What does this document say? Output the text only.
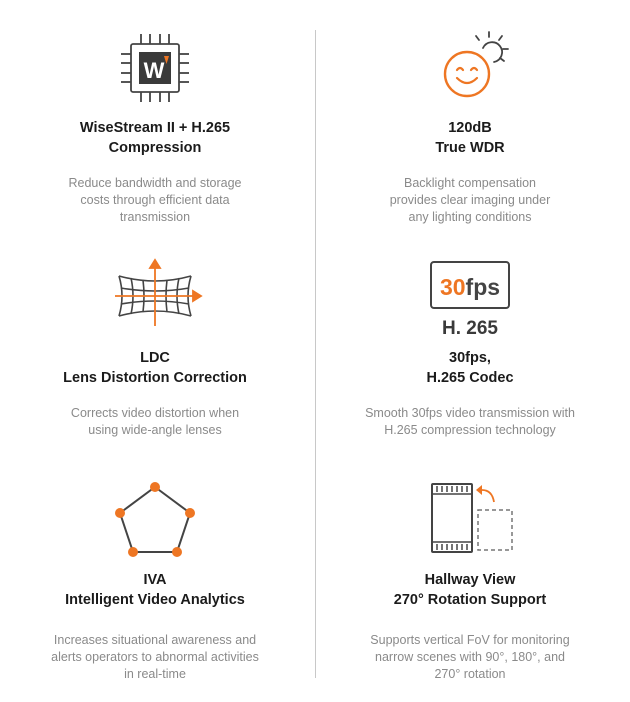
W
WiseStream II + H.265
Compression
Reduce bandwidth and storage
costs through efficient data
transmission
120dB
True WDR
Backlight compensation
provides clear imaging under
any lighting conditions
LDC
Lens Distortion Correction
Corrects video distortion when
using wide-angle lenses
30fps
H. 265
30fps,
H.265 Codec
Smooth 30fps video transmission with
H.265 compression technology
IVA
Intelligent Video Analytics
Increases situational awareness and
alerts operators to abnormal activities
in real-time
Hallway View
270° Rotation Support
Supports vertical FoV for monitoring
narrow scenes with 90°, 180°, and
270° rotation
